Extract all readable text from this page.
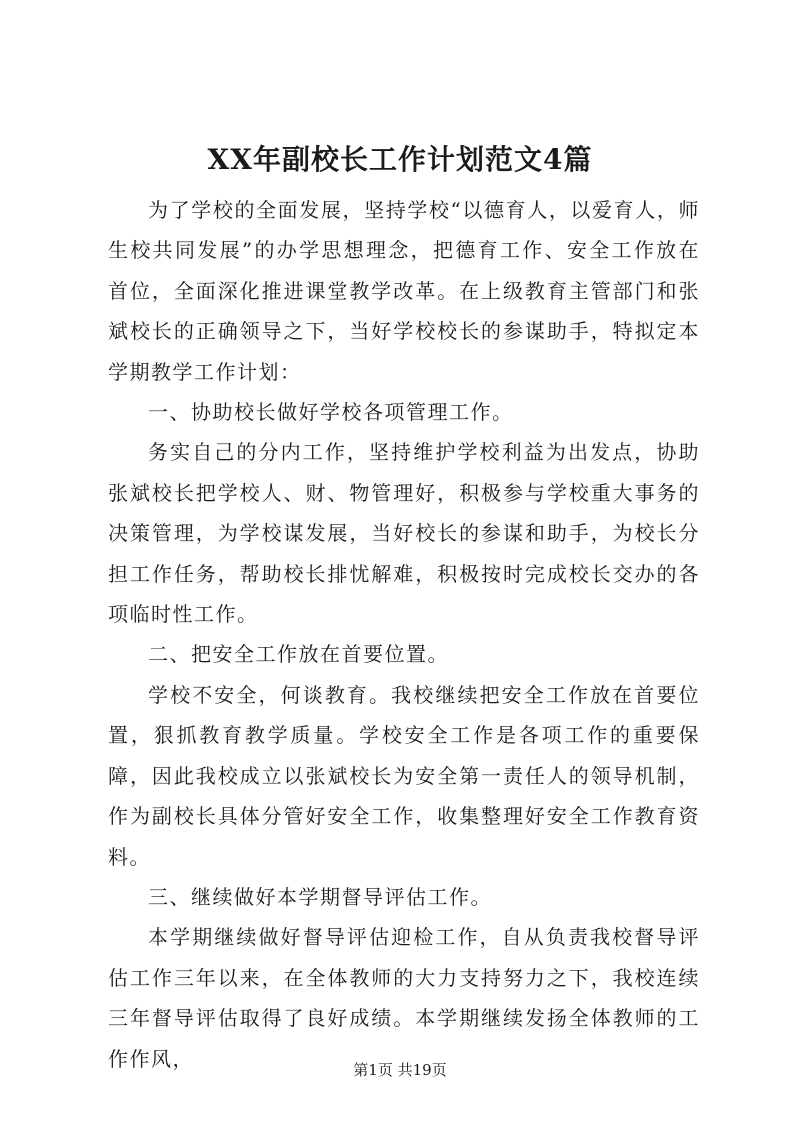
XX年副校长工作计划范文4篇

为了学校的全面发展，坚持学校“以德育人，以爱育人，师生校共同发展”的办学思想理念，把德育工作、安全工作放在首位，全面深化推进课堂教学改革。在上级教育主管部门和张斌校长的正确领导之下，当好学校校长的参谋助手，特拟定本学期教学工作计划：

一、协助校长做好学校各项管理工作。

务实自己的分内工作，坚持维护学校利益为出发点，协助张斌校长把学校人、财、物管理好，积极参与学校重大事务的决策管理，为学校谋发展，当好校长的参谋和助手，为校长分担工作任务，帮助校长排忧解难，积极按时完成校长交办的各项临时性工作。

二、把安全工作放在首要位置。

学校不安全，何谈教育。我校继续把安全工作放在首要位置，狠抓教育教学质量。学校安全工作是各项工作的重要保障，因此我校成立以张斌校长为安全第一责任人的领导机制，作为副校长具体分管好安全工作，收集整理好安全工作教育资料。

三、继续做好本学期督导评估工作。

本学期继续做好督导评估迎检工作，自从负责我校督导评估工作三年以来，在全体教师的大力支持努力之下，我校连续三年督导评估取得了良好成绩。本学期继续发扬全体教师的工作作风，	第1页 共19页
